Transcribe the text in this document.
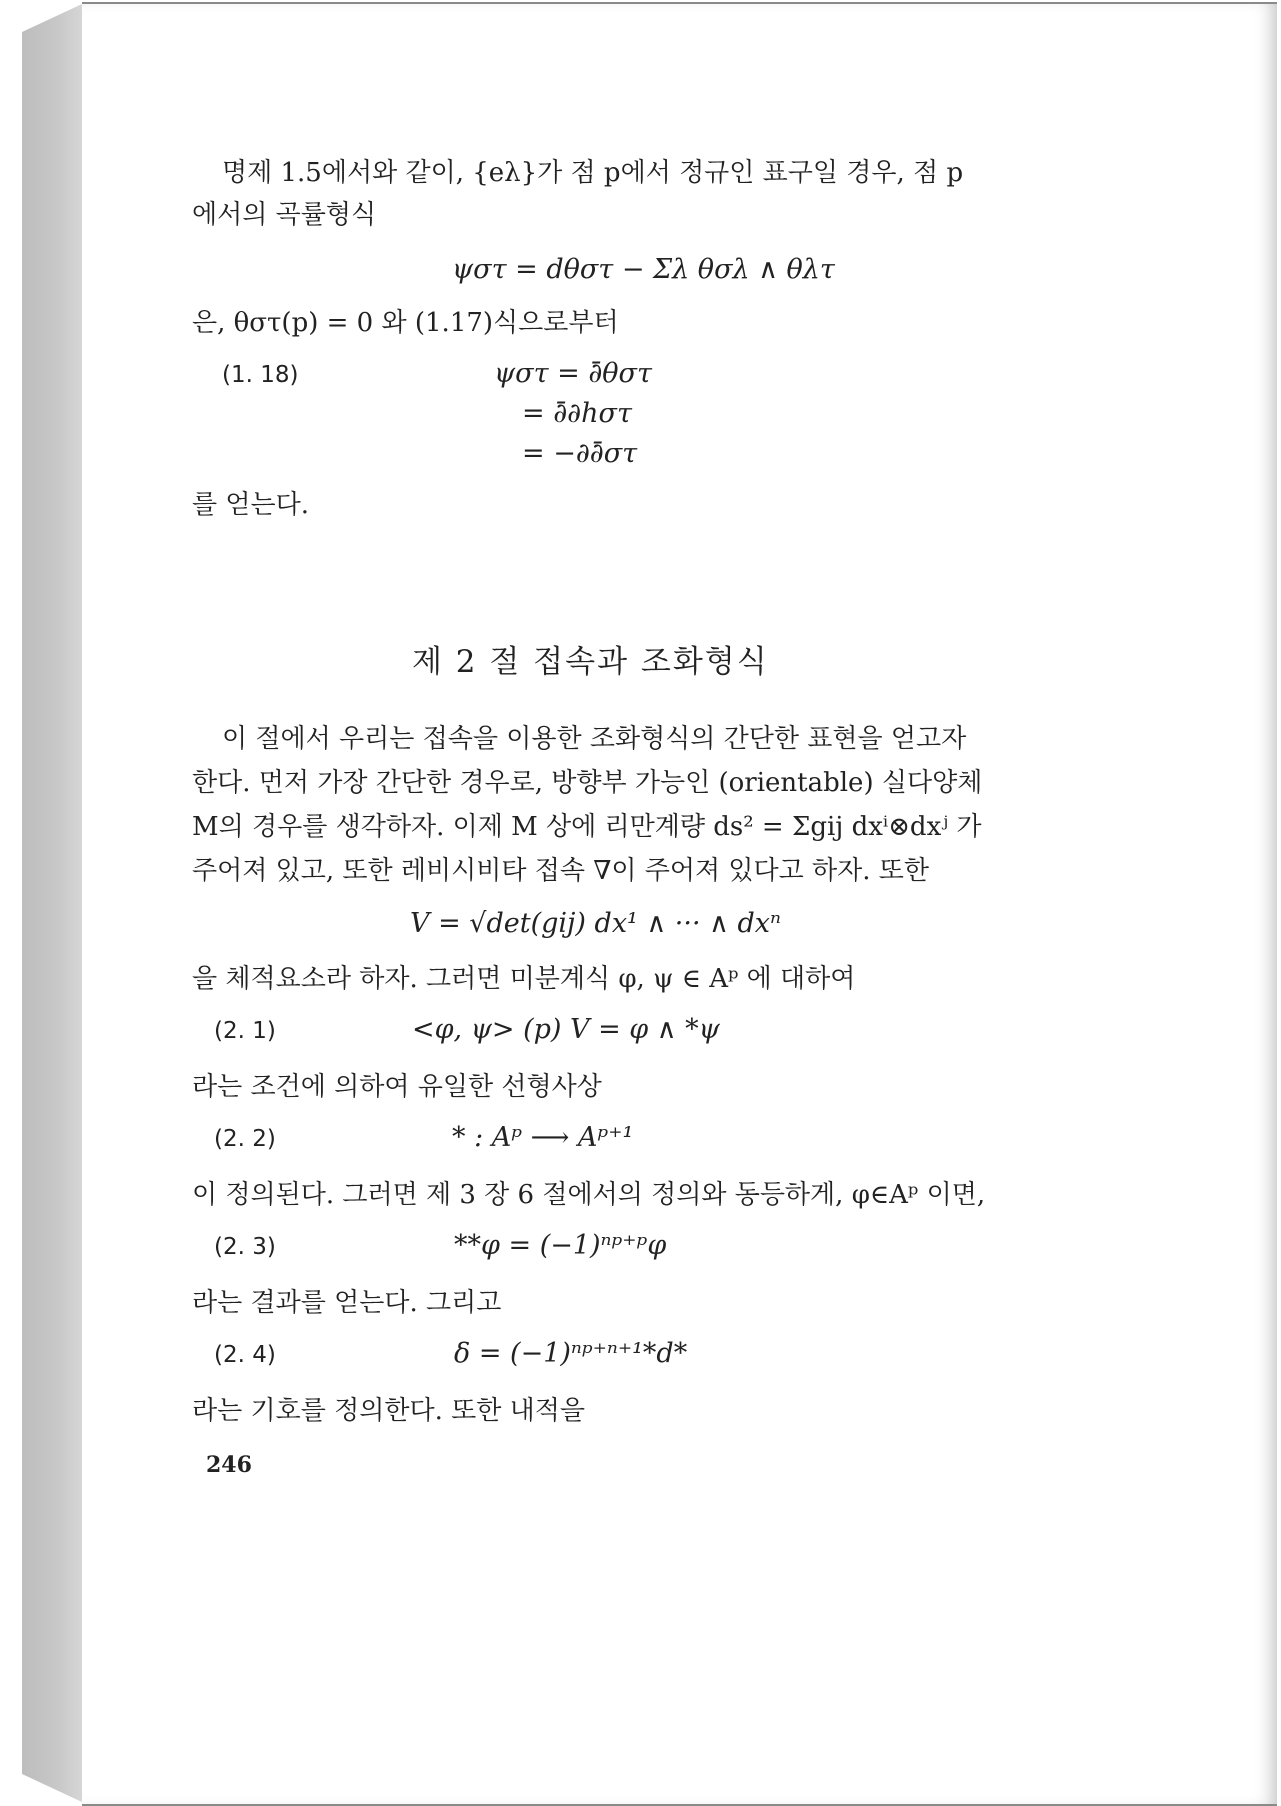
명제 1.5에서와 같이, {eλ}가 점 p에서 정규인 표구일 경우, 점 p
에서의 곡률형식
ψστ = dθστ − Σλ θσλ ∧ θλτ
은, θστ(p) = 0 와 (1.17)식으로부터
(1. 18)	ψστ = ∂̄θστ
= ∂̄∂hστ
= −∂∂̄στ
를 얻는다.
제 2 절 접속과 조화형식
이 절에서 우리는 접속을 이용한 조화형식의 간단한 표현을 얻고자
한다. 먼저 가장 간단한 경우로, 방향부 가능인 (orientable) 실다양체
M의 경우를 생각하자. 이제 M 상에 리만계량 ds² = Σgij dxⁱ⊗dxʲ 가
주어져 있고, 또한 레비시비타 접속 ∇이 주어져 있다고 하자. 또한
V = √det(gij) dx¹ ∧ ··· ∧ dxⁿ
을 체적요소라 하자. 그러면 미분계식 φ, ψ ∈ Aᵖ 에 대하여
(2. 1)	<φ, ψ> (p) V = φ ∧ *ψ
라는 조건에 의하여 유일한 선형사상
(2. 2)	* : Aᵖ ⟶ Aᵖ⁺¹
이 정의된다. 그러면 제 3 장 6 절에서의 정의와 동등하게, φ∈Aᵖ 이면,
(2. 3)	**φ = (−1)ⁿᵖ⁺ᵖφ
라는 결과를 얻는다. 그리고
(2. 4)	δ = (−1)ⁿᵖ⁺ⁿ⁺¹*d*
라는 기호를 정의한다. 또한 내적을
246
